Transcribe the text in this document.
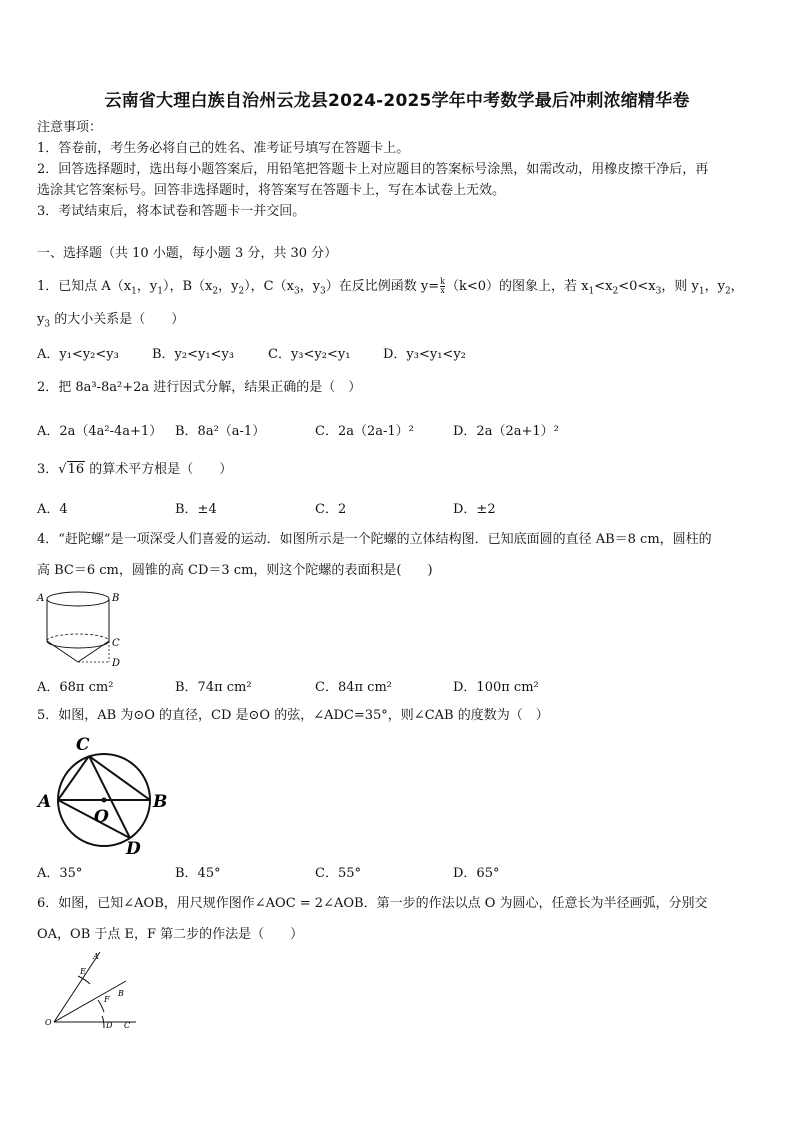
云南省大理白族自治州云龙县2024-2025学年中考数学最后冲刺浓缩精华卷
注意事项：
1．答卷前，考生务必将自己的姓名、准考证号填写在答题卡上。
2．回答选择题时，选出每小题答案后，用铅笔把答题卡上对应题目的答案标号涂黑，如需改动，用橡皮擦干净后，再
选涂其它答案标号。回答非选择题时，将答案写在答题卡上，写在本试卷上无效。
3．考试结束后，将本试卷和答题卡一并交回。
一、选择题（共 10 小题，每小题 3 分，共 30 分）
1．已知点 $A(x_1$，$y_1$），$B(x_2$，$y_2$），$C(x_3$，$y_3$）在反比例函数 $y= \frac{k}{x} (k<0)$的图象上，若 $x_1<x_2<0<x_3$，则 $y_1$，$y_2$，
$y_3$ 的大小关系是（　　）
A．y₁<y₂<y₃	B．y₂<y₁<y₃	C．y₃<y₂<y₁	D．y₃<y₁<y₂
2．把 8a³-8a²+2a 进行因式分解，结果正确的是（　）
A．2a（4a²-4a+1） B．8a²（a-1）	C．2a（2a-1）²	D．2a（2a+1）²
3．√16 的算术平方根是（　　）
A．4	B．±4	C．2	D．±2
4．“赶陀螺”是一项深受人们喜爱的运动．如图所示是一个陀螺的立体结构图．已知底面圆的直径 AB＝8 cm，圆柱的
高 BC＝6 cm，圆锥的高 CD＝3 cm，则这个陀螺的表面积是(　　)
A	B
C
D
A．68π cm²	B．74π cm²	C．84π cm²	D．100π cm²
5．如图，AB 为⊙O 的直径，CD 是⊙O 的弦，∠ADC=35°，则∠CAB 的度数为（　）
C
A	B
O
D
A．35°	B．45°	C．55°	D．65°
6．如图，已知∠AOB，用尺规作图作∠AOC = 2∠AOB．第一步的作法以点 O 为圆心，任意长为半径画弧，分别交
OA，OB 于点 E，F 第二步的作法是（　　）
A
E
F
B
O	D C
